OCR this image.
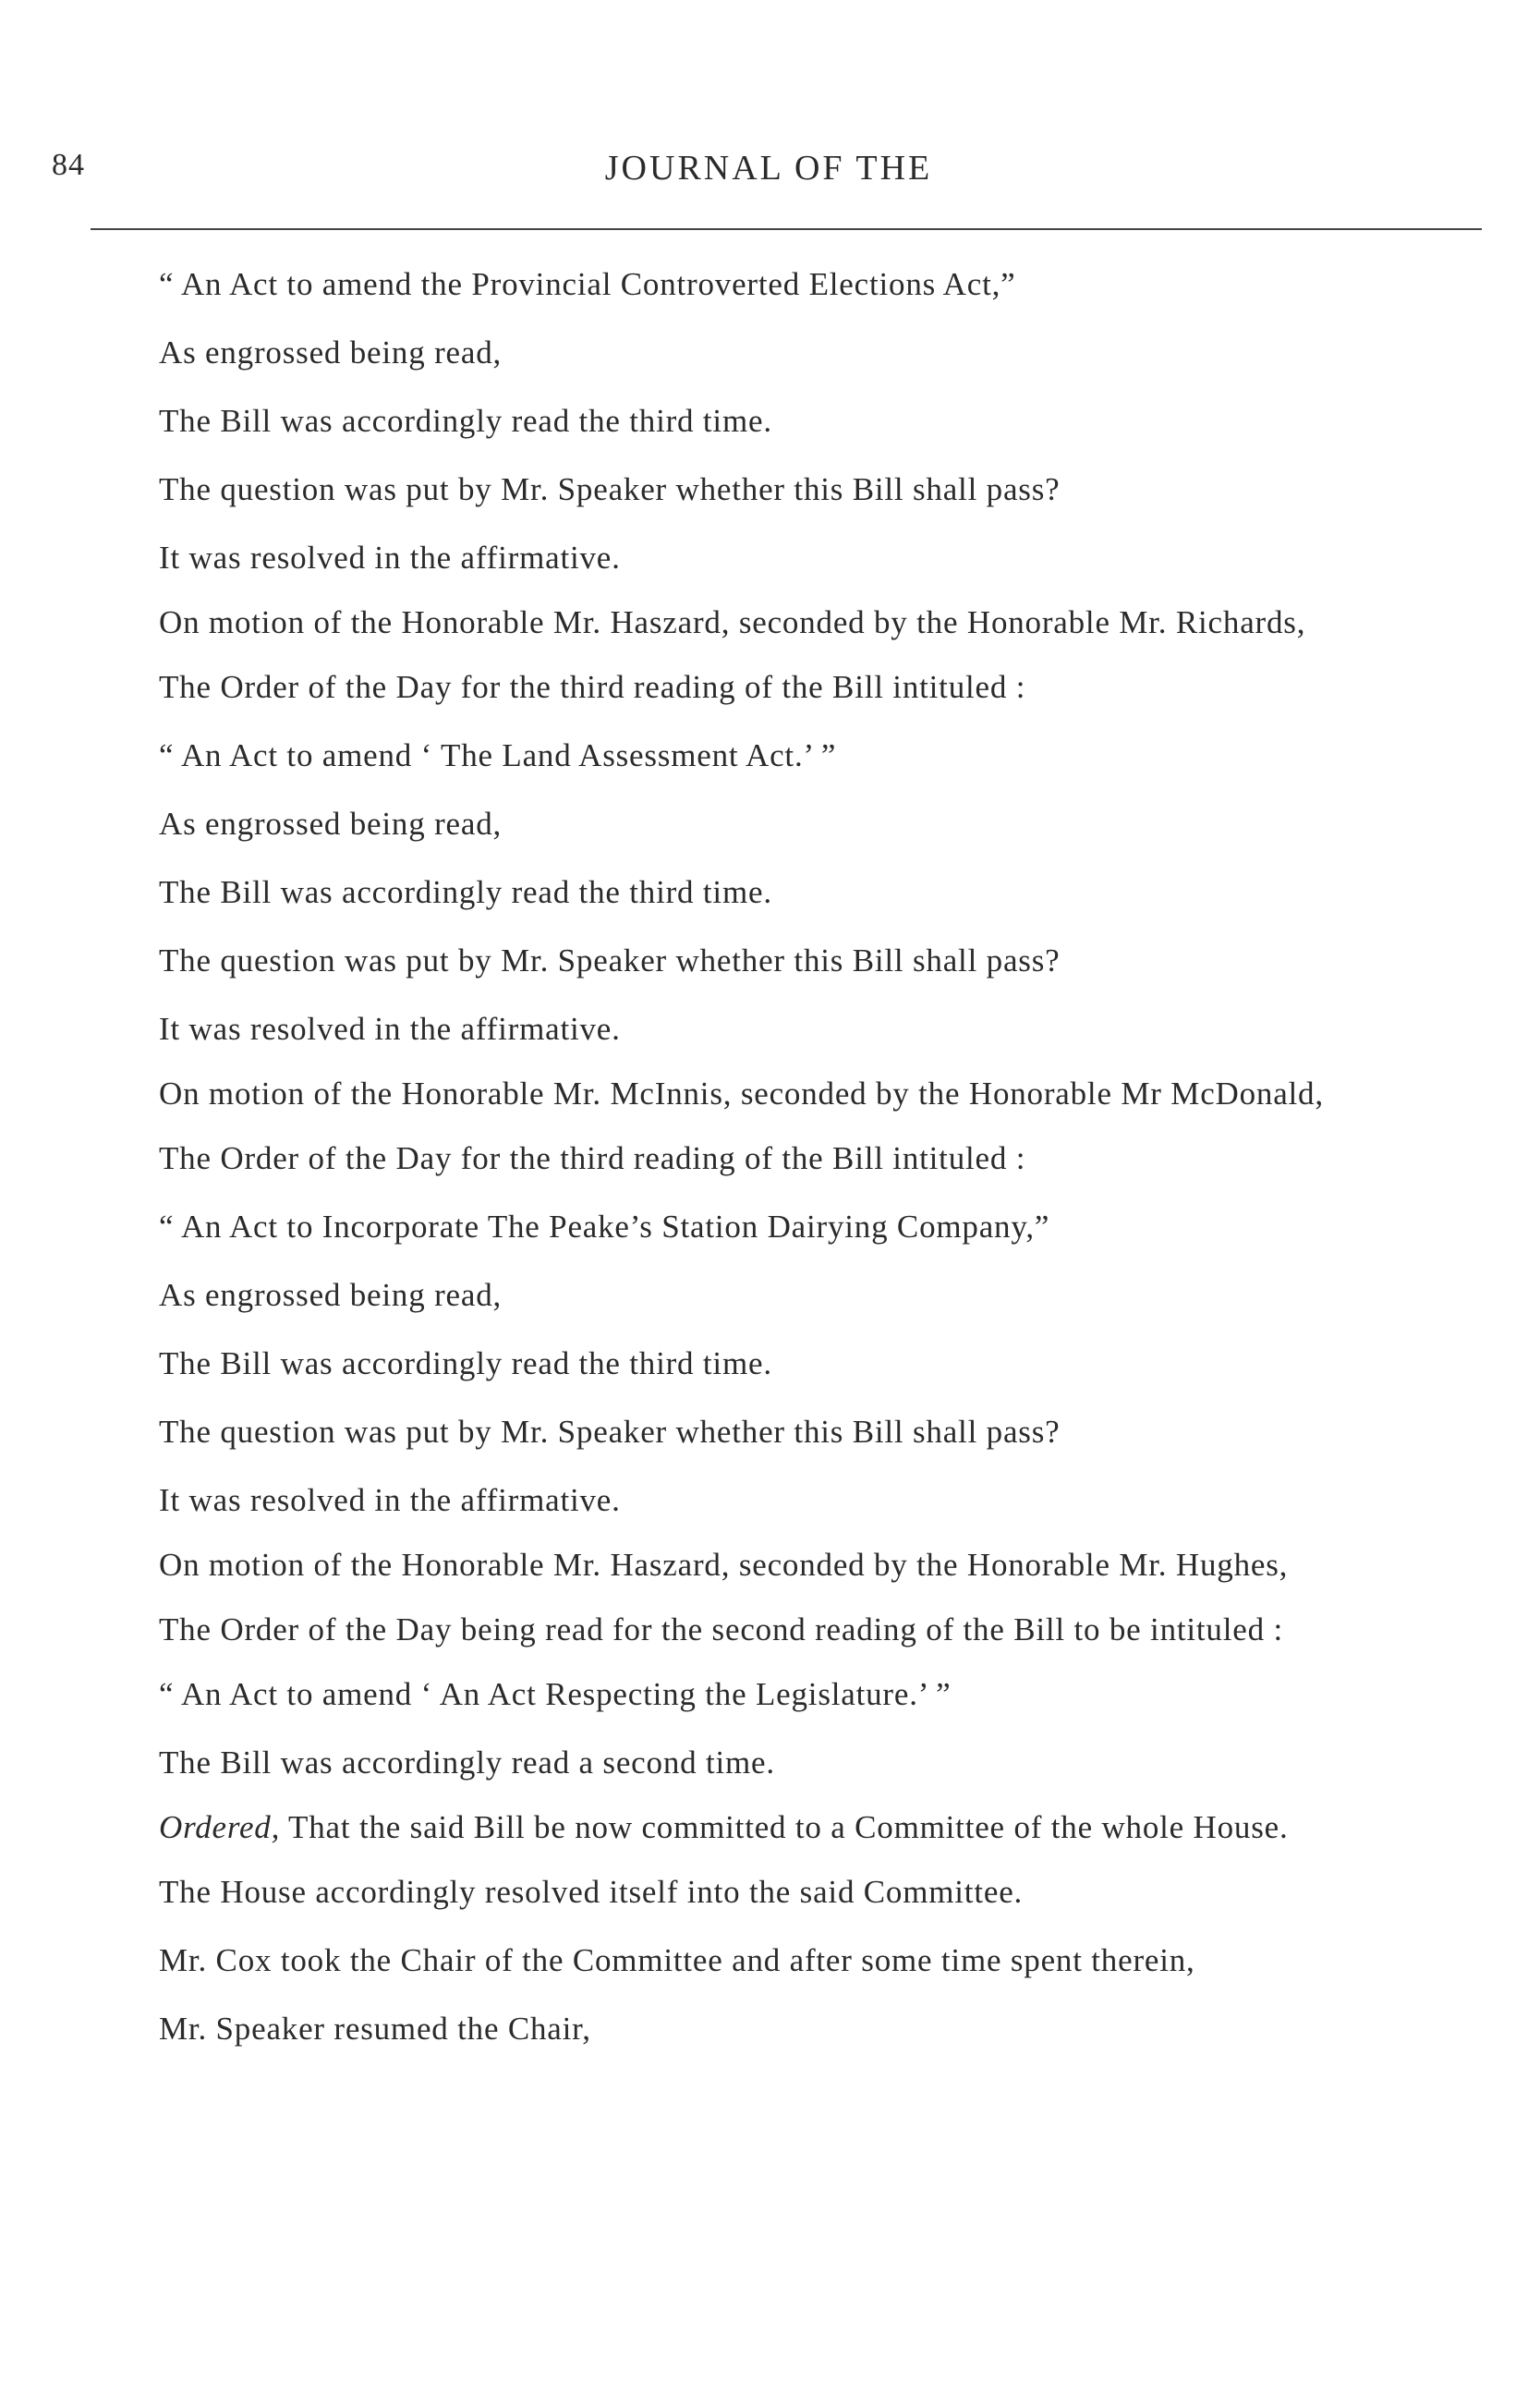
84	JOURNAL OF THE

“ An Act to amend the Provincial Controverted Elections Act,”

As engrossed being read,

The Bill was accordingly read the third time.

The question was put by Mr. Speaker whether this Bill shall pass?

It was resolved in the affirmative.

On motion of the Honorable Mr. Haszard, seconded by the Honorable Mr. Richards,

The Order of the Day for the third reading of the Bill intituled :

“ An Act to amend ‘ The Land Assessment Act.’ ”

As engrossed being read,

The Bill was accordingly read the third time.

The question was put by Mr. Speaker whether this Bill shall pass?

It was resolved in the affirmative.

On motion of the Honorable Mr. McInnis, seconded by the Honorable Mr McDonald,

The Order of the Day for the third reading of the Bill intituled :

“ An Act to Incorporate The Peake’s Station Dairying Company,”

As engrossed being read,

The Bill was accordingly read the third time.

The question was put by Mr. Speaker whether this Bill shall pass?

It was resolved in the affirmative.

On motion of the Honorable Mr. Haszard, seconded by the Honorable Mr. Hughes,

The Order of the Day being read for the second reading of the Bill to be intituled :

“ An Act to amend ‘ An Act Respecting the Legislature.’ ”

The Bill was accordingly read a second time.

Ordered, That the said Bill be now committed to a Committee of the whole House.

The House accordingly resolved itself into the said Committee.

Mr. Cox took the Chair of the Committee and after some time spent therein,

Mr. Speaker resumed the Chair,
